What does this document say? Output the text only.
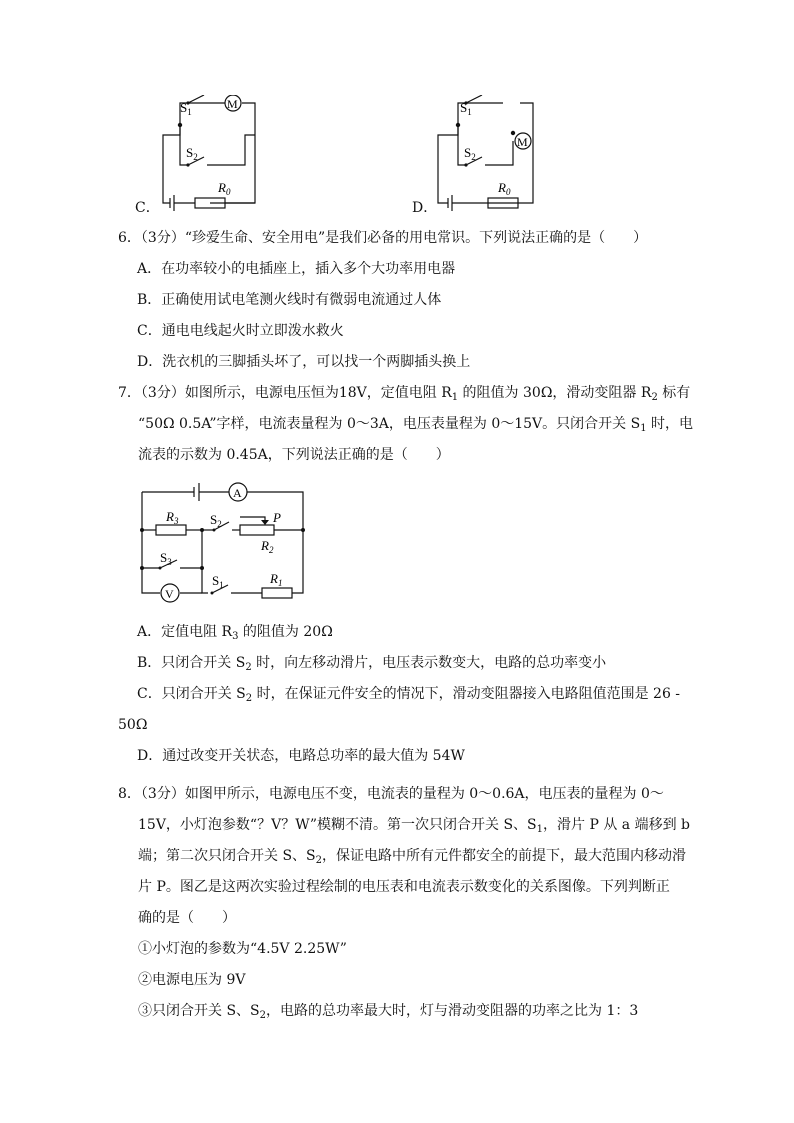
M
$S_1$
$S_2$
$R_0$
C．
M
$S_1$
$S_2$
$R_0$
D．
6．（3分）“珍爱生命、安全用电”是我们必备的用电常识。下列说法正确的是（　　）
A．在功率较小的电插座上，插入多个大功率用电器
B．正确使用试电笔测火线时有微弱电流通过人体
C．通电电线起火时立即泼水救火
D．洗衣机的三脚插头坏了，可以找一个两脚插头换上
7．（3分）如图所示，电源电压恒为18V，定值电阻 $R_1$ 的阻值为 30Ω，滑动变阻器 $R_2$ 标有
“50Ω 0.5A”字样，电流表量程为 0～3A，电压表量程为 0～15V。只闭合开关 $S_1$ 时，电
流表的示数为 0.45A，下列说法正确的是（　　）
A
V
$R_3$ $S_2$	P
$R_2$
$S_3$
$S_1$	$R_1$
A．定值电阻 $R_3$ 的阻值为 20Ω
B．只闭合开关 $S_2$ 时，向左移动滑片，电压表示数变大，电路的总功率变小
C．只闭合开关 $S_2$ 时，在保证元件安全的情况下，滑动变阻器接入电路阻值范围是 26 -
50Ω
D．通过改变开关状态，电路总功率的最大值为 54W
8．（3分）如图甲所示，电源电压不变，电流表的量程为 0～0.6A，电压表的量程为 0～
15V，小灯泡参数“？V？W”模糊不清。第一次只闭合开关 S、$S_1$，滑片 P 从 a 端移到 b
端；第二次只闭合开关 S、$S_2$，保证电路中所有元件都安全的前提下，最大范围内移动滑
片 P。图乙是这两次实验过程绘制的电压表和电流表示数变化的关系图像。下列判断正
确的是（　　）
①小灯泡的参数为“4.5V 2.25W”
②电源电压为 9V
③只闭合开关 S、$S_2$，电路的总功率最大时，灯与滑动变阻器的功率之比为 1：3
